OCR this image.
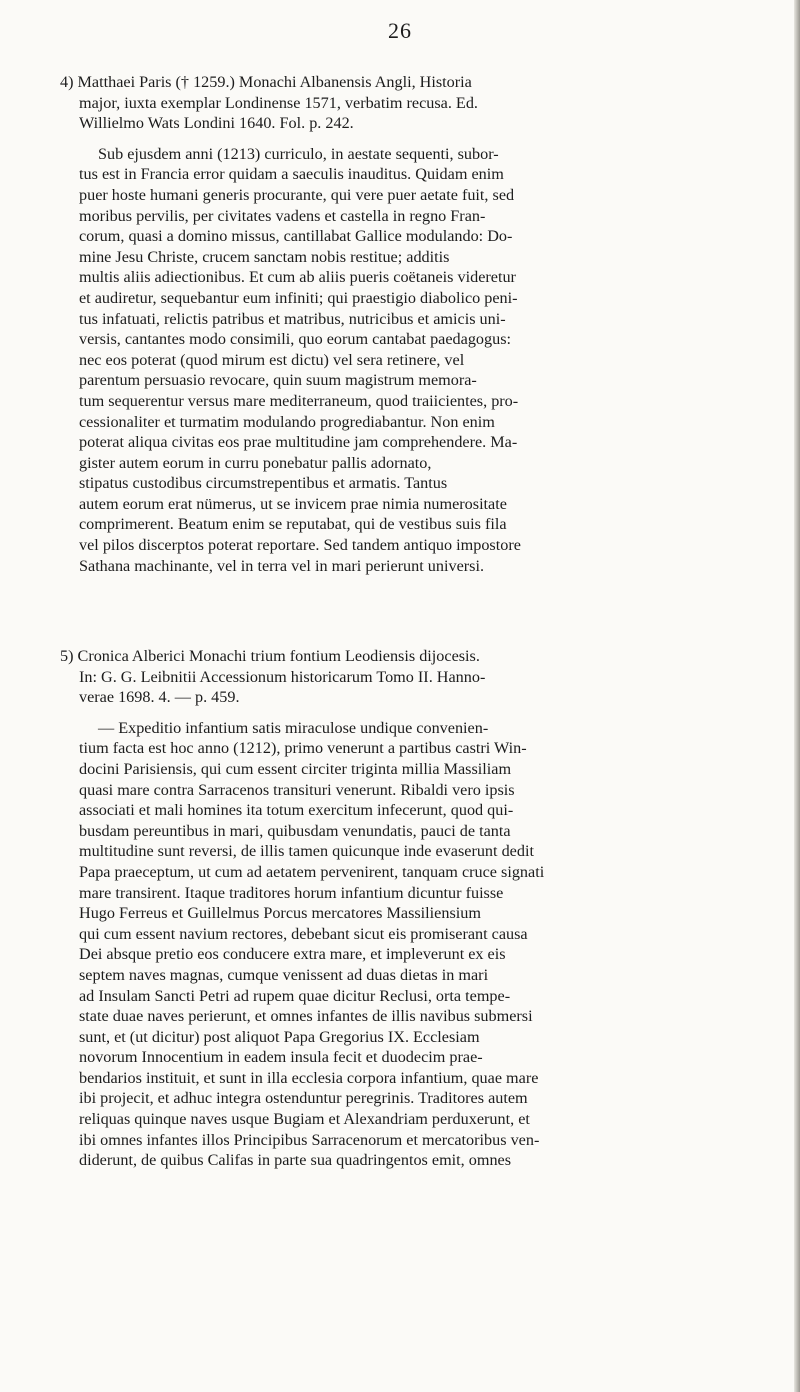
26
4) Matthaei Paris († 1259.) Monachi Albanensis Angli, Historia
major, iuxta exemplar Londinense 1571, verbatim recusa. Ed.
Willielmo Wats Londini 1640. Fol. p. 242.
Sub ejusdem anni (1213) curriculo, in aestate sequenti, subor-
tus est in Francia error quidam a saeculis inauditus. Quidam enim
puer hoste humani generis procurante, qui vere puer aetate fuit, sed
moribus pervilis, per civitates vadens et castella in regno Fran-
corum, quasi a domino missus, cantillabat Gallice modulando: Do-
mine Jesu Christe, crucem sanctam nobis restitue; additis
multis aliis adiectionibus. Et cum ab aliis pueris coëtaneis videretur
et audiretur, sequebantur eum infiniti; qui praestigio diabolico peni-
tus infatuati, relictis patribus et matribus, nutricibus et amicis uni-
versis, cantantes modo consimili, quo eorum cantabat paedagogus:
nec eos poterat (quod mirum est dictu) vel sera retinere, vel
parentum persuasio revocare, quin suum magistrum memora-
tum sequerentur versus mare mediterraneum, quod traiicientes, pro-
cessionaliter et turmatim modulando progrediabantur. Non enim
poterat aliqua civitas eos prae multitudine jam comprehendere. Ma-
gister autem eorum in curru ponebatur pallis adornato,
stipatus custodibus circumstrepentibus et armatis. Tantus
autem eorum erat nümerus, ut se invicem prae nimia numerositate
comprimerent. Beatum enim se reputabat, qui de vestibus suis fila
vel pilos discerptos poterat reportare. Sed tandem antiquo impostore
Sathana machinante, vel in terra vel in mari perierunt universi.
5) Cronica Alberici Monachi trium fontium Leodiensis dijocesis.
In: G. G. Leibnitii Accessionum historicarum Tomo II. Hanno-
verae 1698. 4. — p. 459.
— Expeditio infantium satis miraculose undique convenien-
tium facta est hoc anno (1212), primo venerunt a partibus castri Win-
docini Parisiensis, qui cum essent circiter triginta millia Massiliam
quasi mare contra Sarracenos transituri venerunt. Ribaldi vero ipsis
associati et mali homines ita totum exercitum infecerunt, quod qui-
busdam pereuntibus in mari, quibusdam venundatis, pauci de tanta
multitudine sunt reversi, de illis tamen quicunque inde evaserunt dedit
Papa praeceptum, ut cum ad aetatem pervenirent, tanquam cruce signati
mare transirent. Itaque traditores horum infantium dicuntur fuisse
Hugo Ferreus et Guillelmus Porcus mercatores Massiliensium
qui cum essent navium rectores, debebant sicut eis promiserant causa
Dei absque pretio eos conducere extra mare, et impleverunt ex eis
septem naves magnas, cumque venissent ad duas dietas in mari
ad Insulam Sancti Petri ad rupem quae dicitur Reclusi, orta tempe-
state duae naves perierunt, et omnes infantes de illis navibus submersi
sunt, et (ut dicitur) post aliquot Papa Gregorius IX. Ecclesiam
novorum Innocentium in eadem insula fecit et duodecim prae-
bendarios instituit, et sunt in illa ecclesia corpora infantium, quae mare
ibi projecit, et adhuc integra ostenduntur peregrinis. Traditores autem
reliquas quinque naves usque Bugiam et Alexandriam perduxerunt, et
ibi omnes infantes illos Principibus Sarracenorum et mercatoribus ven-
diderunt, de quibus Califas in parte sua quadringentos emit, omnes
